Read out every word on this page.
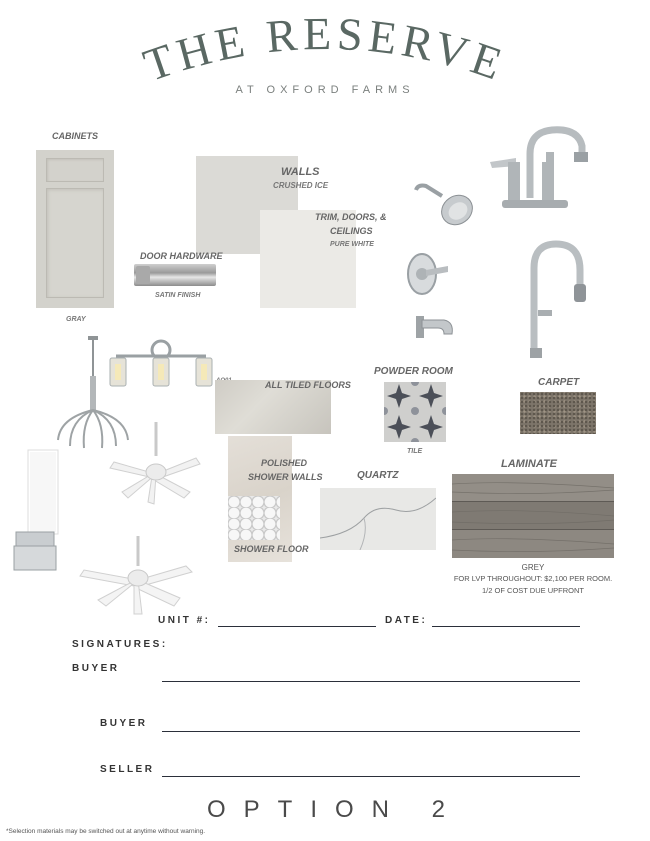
THE RESERVE
AT OXFORD FARMS
CABINETS
GRAY
WALLS
CRUSHED ICE
TRIM, DOORS, &
CEILINGS
PURE WHITE
DOOR HARDWARE
SATIN FINISH
ALL TILED FLOORS
POLISHED
SHOWER WALLS
SHOWER FLOOR
POWDER ROOM
TILE
CARPET
QUARTZ
LAMINATE
GREY
FOR LVP THROUGHOUT: $2,100 PER ROOM.
1/2 OF COST DUE UPFRONT
UNIT #:	DATE:
SIGNATURES:
BUYER
BUYER
SELLER
OPTION 2
*Selection materials may be switched out at anytime without warning.
